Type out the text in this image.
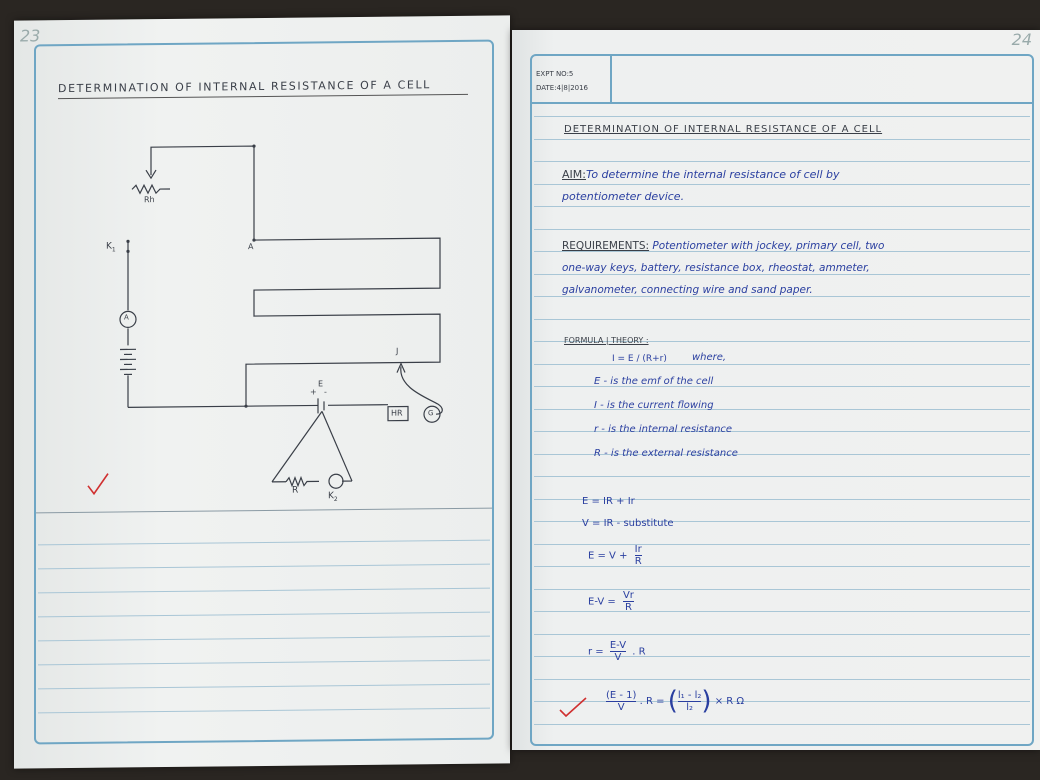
23
DETERMINATION OF INTERNAL RESISTANCE OF A CELL
Rh
$K_1$	A
A
J
+ -
E
HR	G
R
$K_2$
24
EXPT NO:5
DATE:4|8|2016
DETERMINATION OF INTERNAL RESISTANCE OF A CELL
AIM:To determine the internal resistance of cell by
potentiometer device.
REQUIREMENTS: Potentiometer with jockey, primary cell, two
one-way keys, battery, resistance box, rheostat, ammeter,
galvanometer, connecting wire and sand paper.
FORMULA | THEORY :
I = E / (R+r)	where,
E - is the emf of the cell
I - is the current flowing
r - is the internal resistance
R - is the external resistance
E = IR + Ir
V = IR - substitute
$E = V + \frac{Ir}{R}$
$E-V = \frac{Vr}{R}$
$r = \frac{E-V}{V}$ . R
$\frac{(E - 1)}{V}$ . R = ( $\frac{\text{l₁ - l₂}}{\text{l₂}}$ ) × R Ω
